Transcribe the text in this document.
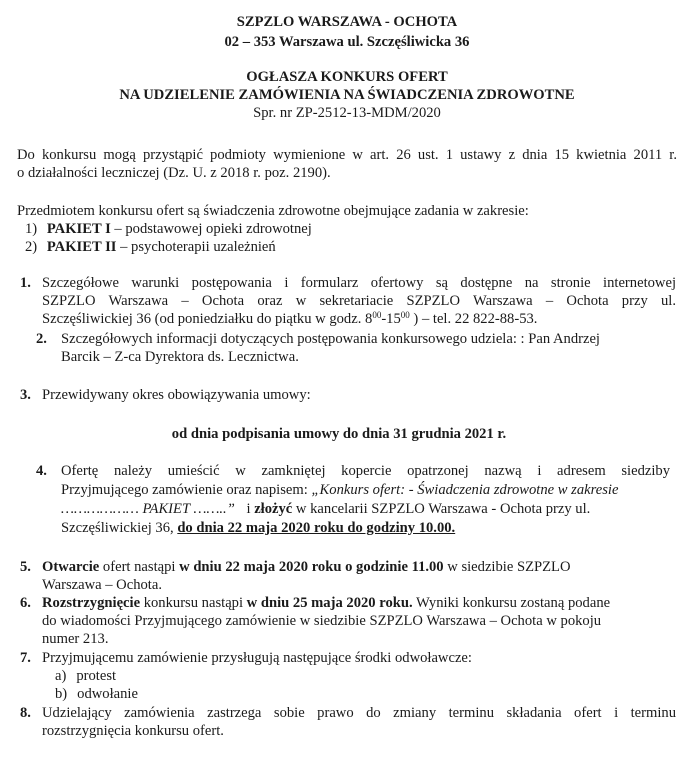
SZPZLO WARSZAWA - OCHOTA
02 – 353 Warszawa ul. Szczęśliwicka 36
OGŁASZA KONKURS OFERT
NA UDZIELENIE ZAMÓWIENIA NA ŚWIADCZENIA ZDROWOTNE
Spr. nr ZP-2512-13-MDM/2020
Do konkursu mogą przystąpić podmioty wymienione w art. 26 ust. 1 ustawy z dnia 15 kwietnia 2011 r.
o działalności leczniczej (Dz. U. z 2018 r. poz. 2190).
Przedmiotem konkursu ofert są świadczenia zdrowotne obejmujące zadania w zakresie:
1) PAKIET I – podstawowej opieki zdrowotnej
2) PAKIET II – psychoterapii uzależnień
1. Szczegółowe warunki postępowania i formularz ofertowy są dostępne na stronie internetowej
SZPZLO Warszawa – Ochota oraz w sekretariacie SZPZLO Warszawa – Ochota przy ul.
Szczęśliwickiej 36 (od poniedziałku do piątku w godz. $8^{00}-15^{00}$ ) – tel. 22 822-88-53.
2. Szczegółowych informacji dotyczących postępowania konkursowego udziela: : Pan Andrzej
Barcik – Z-ca Dyrektora ds. Lecznictwa.
3. Przewidywany okres obowiązywania umowy:
od dnia podpisania umowy do dnia 31 grudnia 2021 r.
4. Ofertę należy umieścić w zamkniętej kopercie opatrzonej nazwą i adresem siedziby
Przyjmującego zamówienie oraz napisem: „Konkurs ofert: - Świadczenia zdrowotne w zakresie
……………… PAKIET ……..” i złożyć w kancelarii SZPZLO Warszawa - Ochota przy ul.
Szczęśliwickiej 36, do dnia 22 maja 2020 roku do godziny 10.00.
5. Otwarcie ofert nastąpi w dniu 22 maja 2020 roku o godzinie 11.00 w siedzibie SZPZLO
Warszawa – Ochota.
6. Rozstrzygnięcie konkursu nastąpi w dniu 25 maja 2020 roku. Wyniki konkursu zostaną podane
do wiadomości Przyjmującego zamówienie w siedzibie SZPZLO Warszawa – Ochota w pokoju
numer 213.
7. Przyjmującemu zamówienie przysługują następujące środki odwoławcze:
a) protest
b) odwołanie
8. Udzielający zamówienia zastrzega sobie prawo do zmiany terminu składania ofert i terminu
rozstrzygnięcia konkursu ofert.
